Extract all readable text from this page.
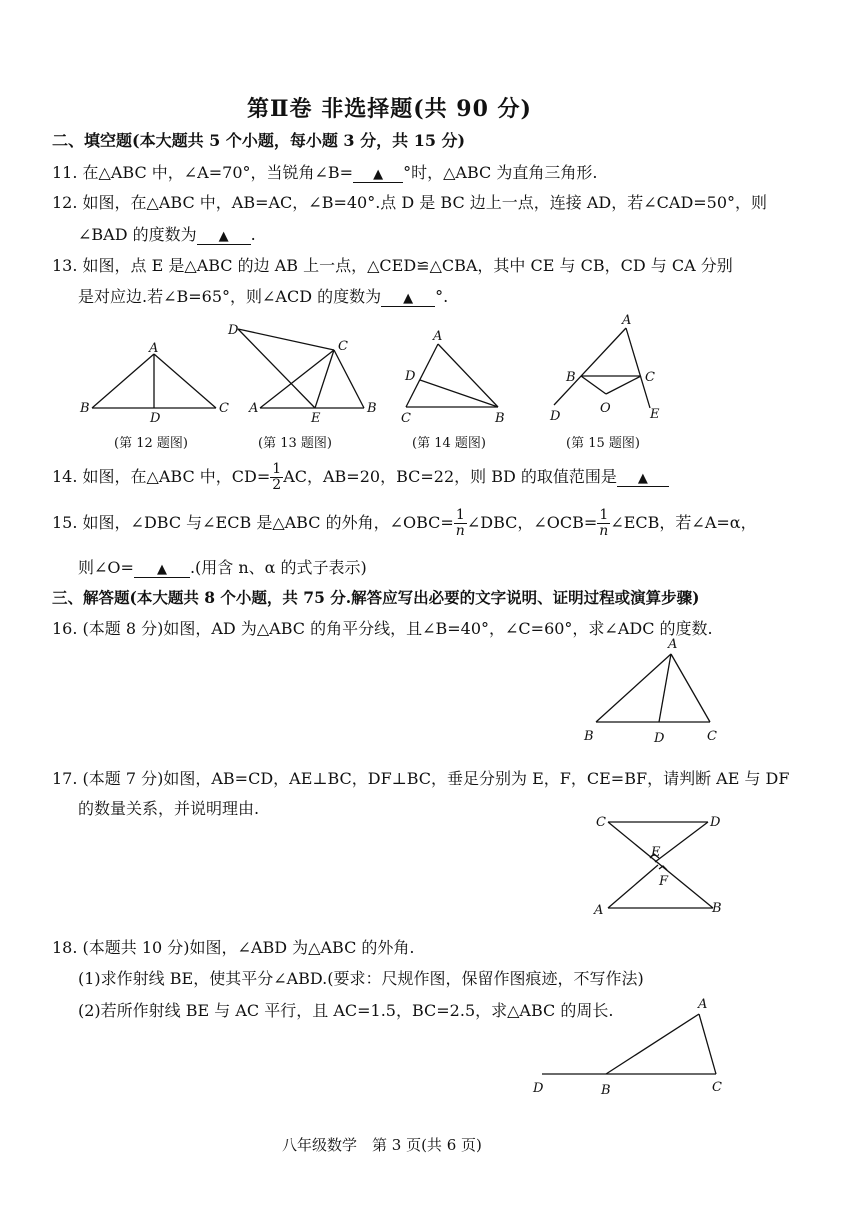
第Ⅱ卷 非选择题(共 90 分)
二、填空题(本大题共 5 个小题，每小题 3 分，共 15 分)
11. 在△ABC 中，∠A=70°，当锐角∠B= ▲ °时，△ABC 为直角三角形.
12. 如图，在△ABC 中，AB=AC，∠B=40°.点 D 是 BC 边上一点，连接 AD，若∠CAD=50°，则
∠BAD 的度数为 ▲ .
13. 如图，点 E 是△ABC 的边 AB 上一点，△CED≌△CBA，其中 CE 与 CB，CD 与 CA 分别
是对应边.若∠B=65°，则∠ACD 的度数为 ▲ °.
A
B
D
C
(第 12 题图)
D
C
A
E
B
(第 13 题图)
A
D
C	B
(第 14 题图)
A
B	C
D
O	E
(第 15 题图)
14. 如图，在△ABC 中，$CD= \frac{1}{2}$ AC，AB=20，BC=22，则 BD 的取值范围是 ▲
15. 如图，∠DBC 与∠ECB 是△ABC 的外角，∠OBC= $\frac{1}{n}$ ∠DBC，∠OCB= $\frac{1}{n}$ ∠ECB，若∠A=α，
则∠O= ▲ .(用含 n、α 的式子表示)
三、解答题(本大题共 8 个小题，共 75 分.解答应写出必要的文字说明、证明过程或演算步骤)
16. (本题 8 分)如图，AD 为△ABC 的角平分线，且∠B=40°，∠C=60°，求∠ADC 的度数.
A
B	D	C
17. (本题 7 分)如图，AB=CD，AE⊥BC，DF⊥BC，垂足分别为 E，F，CE=BF，请判断 AE 与 DF
的数量关系，并说明理由.
C	D
E
F
A	B
18. (本题共 10 分)如图，∠ABD 为△ABC 的外角.
(1)求作射线 BE，使其平分∠ABD.(要求：尺规作图，保留作图痕迹，不写作法)
(2)若所作射线 BE 与 AC 平行，且 AC=1.5，BC=2.5，求△ABC 的周长.	A
D	B	C
八年级数学　第 3 页(共 6 页)
